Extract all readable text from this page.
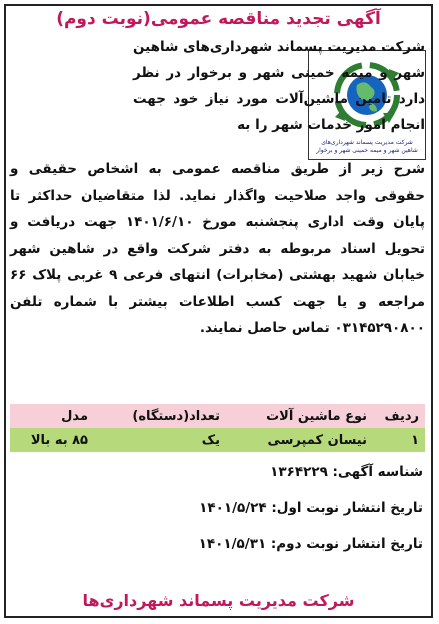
آگهی تجدید مناقصه عمومی(نوبت دوم)
شرکت مدیریت پسماند شهرداری‌های شاهین شهر و میمه خمینی شهر و برخوار
شرکت مدیریت پسماند شهرداری‌های شاهین شهر و میمه خمینی شهر و برخوار در نظر دارد تامین ماشین‌آلات مورد نیاز خود جهت انجام امور خدمات شهر را به
شرح زیر از طریق مناقصه عمومی به اشخاص حقیقی و حقوقی واجد صلاحیت واگذار نماید. لذا متقاضیان حداکثر تا پایان وقت اداری پنجشنبه مورخ ۱۴۰۱/۶/۱۰ جهت دریافت و تحویل اسناد مربوطه به دفتر شرکت واقع در شاهین شهر خیابان شهید بهشتی (مخابرات) انتهای فرعی ۹ غربی پلاک ۶۶ مراجعه و یا جهت کسب اطلاعات بیشتر با شماره تلفن ۰۳۱۴۵۲۹۰۸۰۰ تماس حاصل نمایند.
ردیف	نوع ماشین آلات	تعداد(دستگاه)	مدل
۱	نیسان کمپرسی	یک	۸۵ به بالا
شناسه آگهی: ۱۳۶۴۲۲۹
تاریخ انتشار نوبت اول: ۱۴۰۱/۵/۲۴
تاریخ انتشار نوبت دوم: ۱۴۰۱/۵/۳۱
شرکت مدیریت پسماند شهرداری‌ها
